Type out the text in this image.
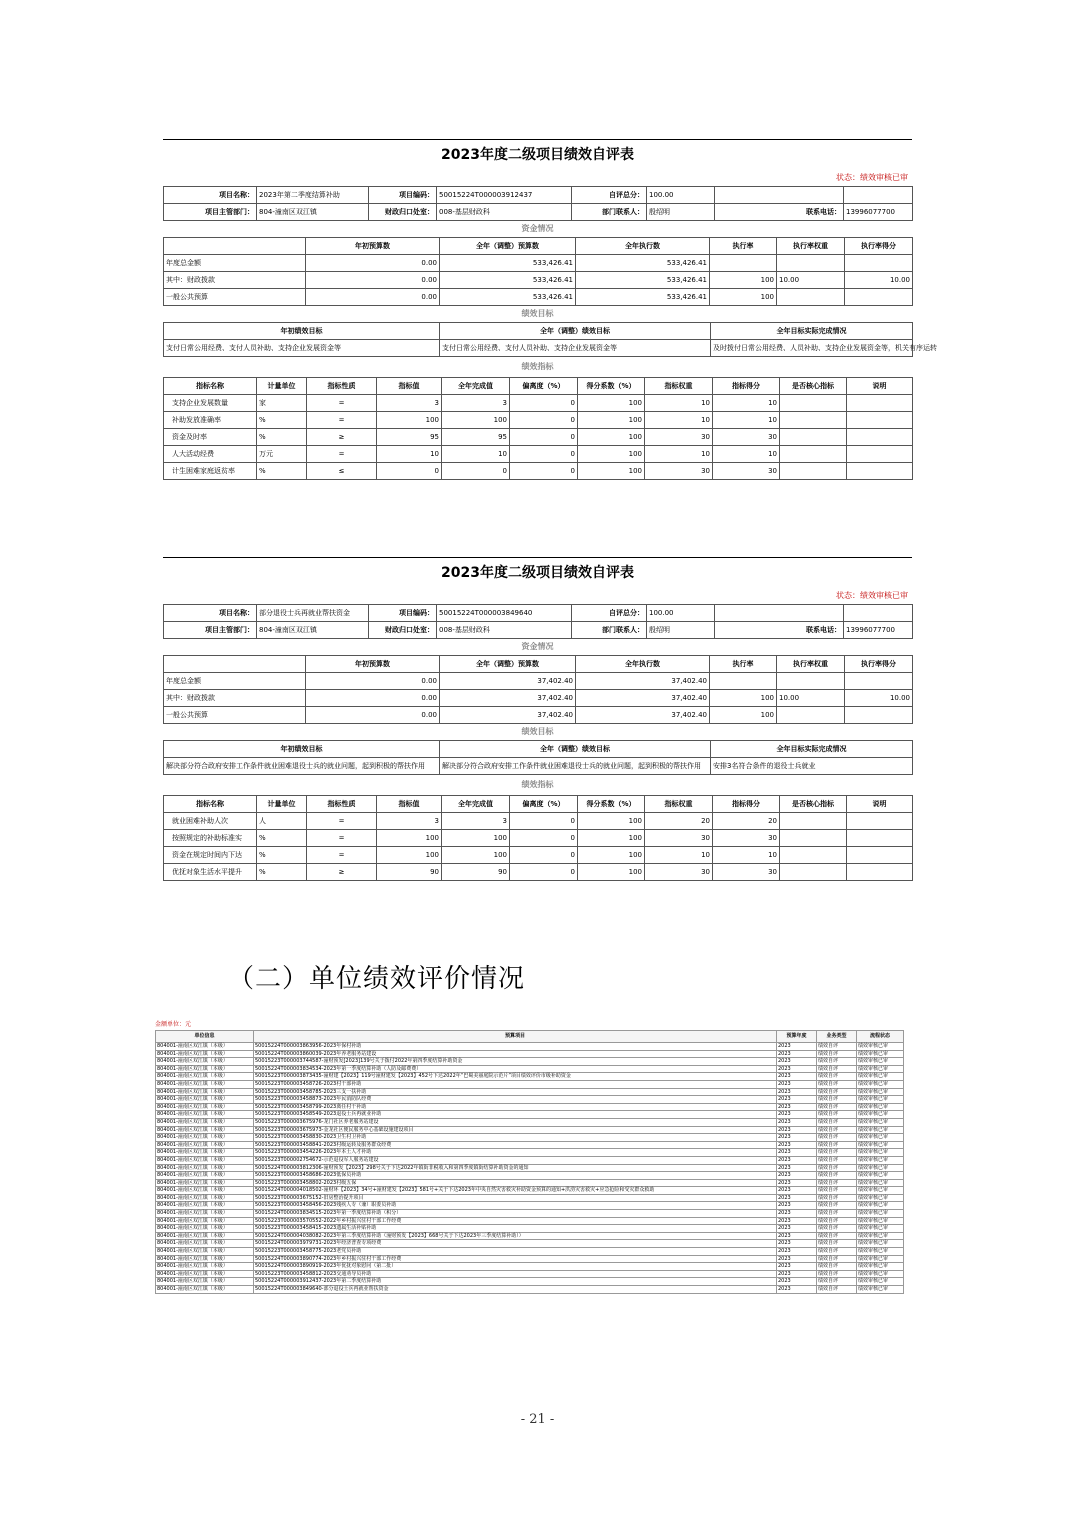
2023年度二级项目绩效自评表
状态：绩效审核已审
项目名称：	2023年第二季度结算补助	项目编码：	50015224T000003912437	自评总分：	100.00		
项目主管部门：	804-潼南区双江镇	财政归口处室：	008-基层财政科	部门联系人：	殷绍明	联系电话：	13996077700
资金情况
	年初预算数	全年（调整）预算数	全年执行数	执行率	执行率权重	执行率得分
年度总金额	0.00	533,426.41	533,426.41			
其中：财政拨款	0.00	533,426.41	533,426.41	100	10.00	10.00
一般公共预算	0.00	533,426.41	533,426.41	100		
绩效目标
年初绩效目标	全年（调整）绩效目标	全年目标实际完成情况
支付日常公用经费、支付人员补助、支持企业发展资金等	支付日常公用经费、支付人员补助、支持企业发展资金等	及时拨付日常公用经费、人员补助、支持企业发展资金等，机关有序运转
绩效指标
指标名称	计量单位	指标性质	指标值	全年完成值	偏离度（%）	得分系数（%）	指标权重	指标得分	是否核心指标	说明
支持企业发展数量	家	=	3	3	0	100	10	10		
补助发放准确率	%	=	100	100	0	100	10	10		
资金及时率	%	≥	95	95	0	100	30	30		
人大活动经费	万元	=	10	10	0	100	10	10		
计生困难家庭返贫率	%	≤	0	0	0	100	30	30		
2023年度二级项目绩效自评表
状态：绩效审核已审
项目名称：	部分退役士兵再就业帮扶资金	项目编码：	50015224T000003849640	自评总分：	100.00		
项目主管部门：	804-潼南区双江镇	财政归口处室：	008-基层财政科	部门联系人：	殷绍明	联系电话：	13996077700
资金情况
	年初预算数	全年（调整）预算数	全年执行数	执行率	执行率权重	执行率得分
年度总金额	0.00	37,402.40	37,402.40			
其中：财政拨款	0.00	37,402.40	37,402.40	100	10.00	10.00
一般公共预算	0.00	37,402.40	37,402.40	100		
绩效目标
年初绩效目标	全年（调整）绩效目标	全年目标实际完成情况
解决部分符合政府安排工作条件就业困难退役士兵的就业问题，起到积极的帮扶作用	解决部分符合政府安排工作条件就业困难退役士兵的就业问题，起到积极的帮扶作用	安排3名符合条件的退役士兵就业
绩效指标
指标名称	计量单位	指标性质	指标值	全年完成值	偏离度（%）	得分系数（%）	指标权重	指标得分	是否核心指标	说明
就业困难补助人次	人	=	3	3	0	100	20	20		
按照规定的补助标准实	%	=	100	100	0	100	30	30		
资金在规定时间内下达	%	=	100	100	0	100	10	10		
优抚对象生活水平提升	%	≥	90	90	0	100	30	30		
（二）单位绩效评价情况
金额单位：元
单位信息	预算项目	预算年度	业务类型	流程状态
804001-潼南区双江镇（本级）	50015224T000003863956-2023年保村补助	2023	绩效自评	绩效审核已审
804001-潼南区双江镇（本级）	50015224T000003860039-2023年养老服务站建设	2023	绩效自评	绩效审核已审
804001-潼南区双江镇（本级）	50015223T000003744587-潼财预发[2023]139号关于拨付2022年第四季度结算补助资金	2023	绩效自评	绩效审核已审
804001-潼南区双江镇（本级）	50015224T000003834534-2023年第一季度结算补助（人防及邮费费）	2023	绩效自评	绩效审核已审
804001-潼南区双江镇（本级）	50015223T000003873435-潼财建【2023】119号潼财建发【2023】452号下达2022年“巴蜀美丽庭院示范片”项目绩效评价市级补助资金	2023	绩效自评	绩效审核已审
804001-潼南区双江镇（本级）	50015223T000003458726-2023村干部补助	2023	绩效自评	绩效审核已审
804001-潼南区双江镇（本级）	50015223T000003458785-2023三支一扶补助	2023	绩效自评	绩效审核已审
804001-潼南区双江镇（本级）	50015223T000003458873-2023年民消防队经费	2023	绩效自评	绩效审核已审
804001-潼南区双江镇（本级）	50015223T000003458799-2023离任村干补助	2023	绩效自评	绩效审核已审
804001-潼南区双江镇（本级）	50015223T000003458549-2023退役士兵再就业补助	2023	绩效自评	绩效审核已审
804001-潼南区双江镇（本级）	50015223T000003675976-龙门社区养老服务站建设	2023	绩效自评	绩效审核已审
804001-潼南区双江镇（本级）	50015223T000003675973-金龙社区便民服务中心基础设施建设项目	2023	绩效自评	绩效审核已审
804001-潼南区双江镇（本级）	50015223T000003458830-2023卫生村卫补助	2023	绩效自评	绩效审核已审
804001-潼南区双江镇（本级）	50015223T000003458841-2023村级运转及服务群众经费	2023	绩效自评	绩效审核已审
804001-潼南区双江镇（本级）	50015223T000003454226-2023年本土人才补助	2023	绩效自评	绩效审核已审
804001-潼南区双江镇（本级）	50015223T000002754672-示范退役军人服务站建设	2023	绩效自评	绩效审核已审
804001-潼南区双江镇（本级）	50015224T000003812306-潼财预发【2023】298号关于下达2022年镇街非税收入和第四季度镇街结算补助资金的通知	2023	绩效自评	绩效审核已审
804001-潼南区双江镇（本级）	50015223T000003458686-2023低保员补助	2023	绩效自评	绩效审核已审
804001-潼南区双江镇（本级）	50015223T000003458802-2023村级五保	2023	绩效自评	绩效审核已审
804001-潼南区双江镇（本级）	50015224T000004018502-潼财环【2023】34号+潼财建发【2023】581号+关于下达2023年中央自然灾害救灾补助资金预算的通知+洪涝灾害救灾+应急抢险和受灾群众救助	2023	绩效自评	绩效审核已审
804001-潼南区双江镇（本级）	50015223T000003675152-旧房整治提升项目	2023	绩效自评	绩效审核已审
804001-潼南区双江镇（本级）	50015223T000003458456-2023残疾人专（兼）职委员补助	2023	绩效自评	绩效审核已审
804001-潼南区双江镇（本级）	50015224T000003834515-2023年第一季度结算补助（积分）	2023	绩效自评	绩效审核已审
804001-潼南区双江镇（本级）	50015223T000003570552-2022年乡村振兴驻村干部工作经费	2023	绩效自评	绩效审核已审
804001-潼南区双江镇（本级）	50015223T000003458415-2023遗属生活补贴补助	2023	绩效自评	绩效审核已审
804001-潼南区双江镇（本级）	50015224T000004038082-2023年第三季度结算补助（潼财预发【2023】668号关于下达2023年三季度结算补助））	2023	绩效自评	绩效审核已审
804001-潼南区双江镇（本级）	50015224T000003979731-2023年经济普查专项经费	2023	绩效自评	绩效审核已审
804001-潼南区双江镇（本级）	50015223T000003458775-2023老党员补助	2023	绩效自评	绩效审核已审
804001-潼南区双江镇（本级）	50015224T000003890774-2023年乡村振兴驻村干部工作经费	2023	绩效自评	绩效审核已审
804001-潼南区双江镇（本级）	50015224T000003890919-2023年优抚对象慰问（第二批）	2023	绩效自评	绩效审核已审
804001-潼南区双江镇（本级）	50015223T000003458812-2023交通劝导员补助	2023	绩效自评	绩效审核已审
804001-潼南区双江镇（本级）	50015224T000003912437-2023年第二季度结算补助	2023	绩效自评	绩效审核已审
804001-潼南区双江镇（本级）	50015224T000003849640-部分退役士兵再就业帮扶资金	2023	绩效自评	绩效审核已审
- 21 -
